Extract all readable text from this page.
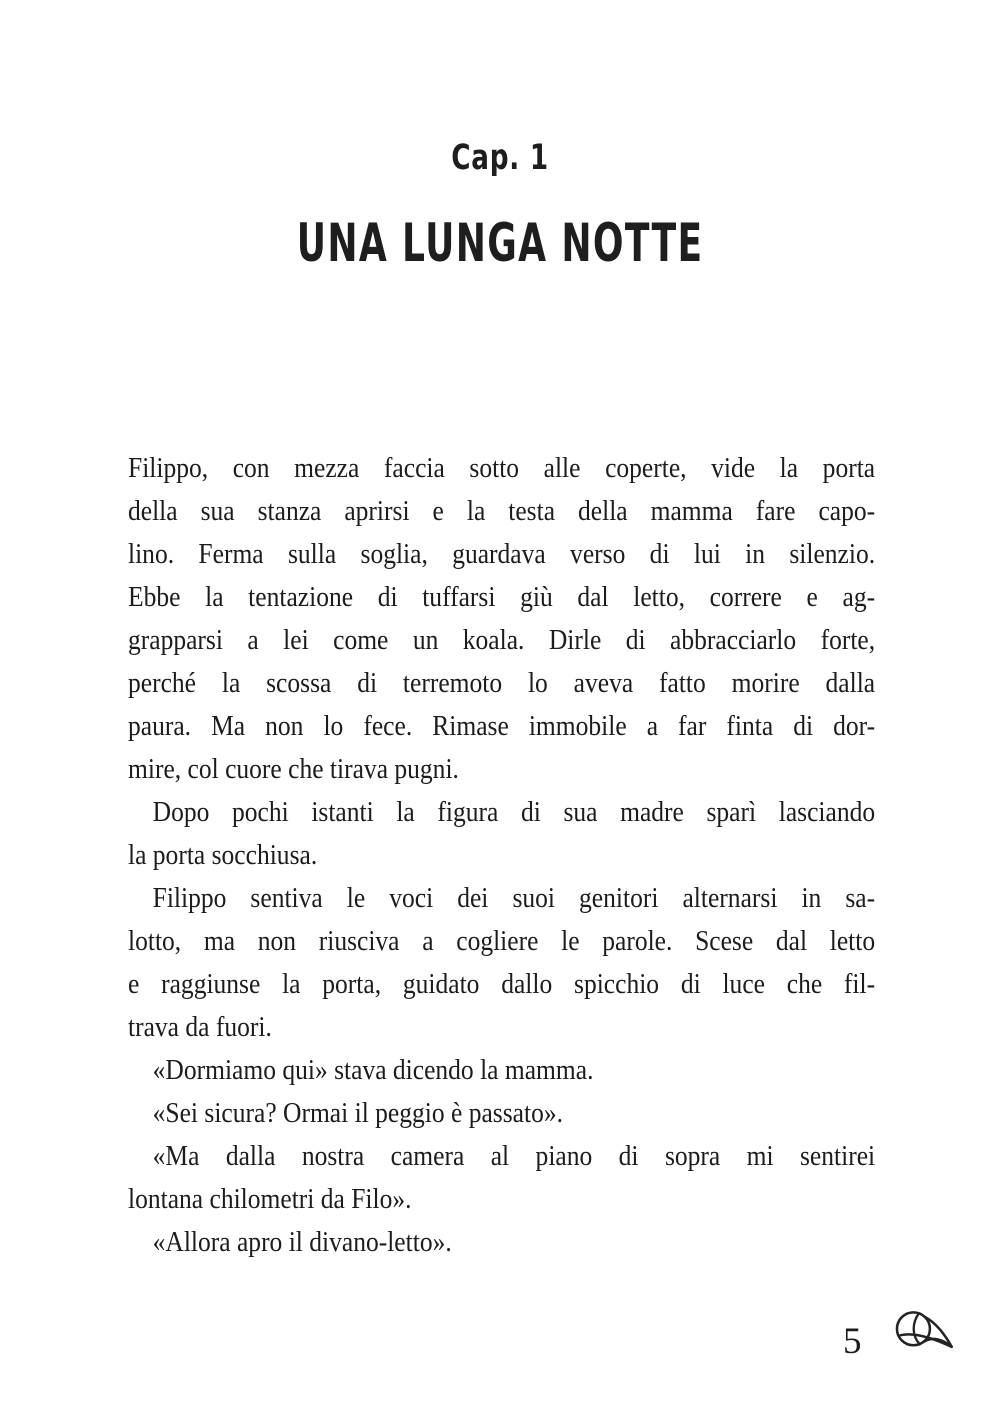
Cap. 1
UNA LUNGA NOTTE
Filippo, con mezza faccia sotto alle coperte, vide la porta
della sua stanza aprirsi e la testa della mamma fare capo-
lino. Ferma sulla soglia, guardava verso di lui in silenzio.
Ebbe la tentazione di tuffarsi giù dal letto, correre e ag-
grapparsi a lei come un koala. Dirle di abbracciarlo forte,
perché la scossa di terremoto lo aveva fatto morire dalla
paura. Ma non lo fece. Rimase immobile a far finta di dor-
mire, col cuore che tirava pugni.
Dopo pochi istanti la figura di sua madre sparì lasciando
la porta socchiusa.
Filippo sentiva le voci dei suoi genitori alternarsi in sa-
lotto, ma non riusciva a cogliere le parole. Scese dal letto
e raggiunse la porta, guidato dallo spicchio di luce che fil-
trava da fuori.
«Dormiamo qui» stava dicendo la mamma.
«Sei sicura? Ormai il peggio è passato».
«Ma dalla nostra camera al piano di sopra mi sentirei
lontana chilometri da Filo».
«Allora apro il divano-letto».
5
